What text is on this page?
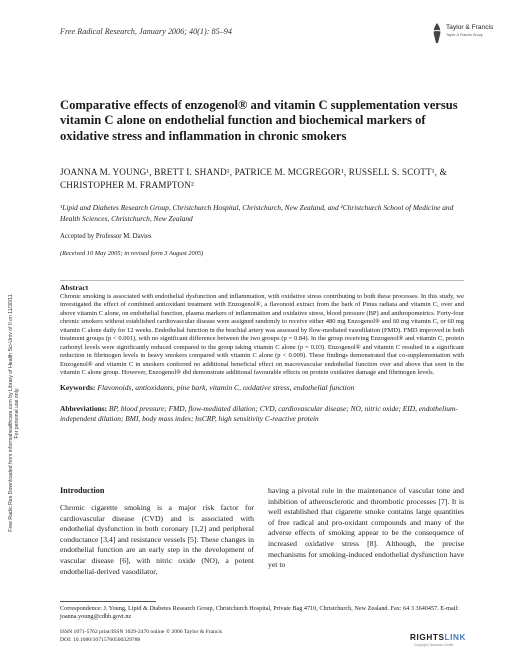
Free Radical Research, January 2006; 40(1): 85–94	Taylor & Francis
Taylor & Francis Group
Free Radic Res Downloaded from informahealthcare.com by Library of Health Sci-Univ of Il on 11/30/11
For personal use only.
Comparative effects of enzogenol® and vitamin C supplementation versus vitamin C alone on endothelial function and biochemical markers of oxidative stress and inflammation in chronic smokers
JOANNA M. YOUNG¹, BRETT I. SHAND¹, PATRICE M. MCGREGOR¹, RUSSELL S. SCOTT¹, & CHRISTOPHER M. FRAMPTON²
¹Lipid and Diabetes Research Group, Christchurch Hospital, Christchurch, New Zealand, and ²Christchurch School of Medicine and Health Sciences, Christchurch, New Zealand
Accepted by Professor M. Davies
(Received 10 May 2005; in revised form 3 August 2005)
Abstract
Chronic smoking is associated with endothelial dysfunction and inflammation, with oxidative stress contributing to both these processes. In this study, we investigated the effect of combined antioxidant treatment with Enzogenol®, a flavonoid extract from the bark of Pinus radiata and vitamin C, over and above vitamin C alone, on endothelial function, plasma markers of inflammation and oxidative stress, blood pressure (BP) and anthropometrics. Forty-four chronic smokers without established cardiovascular disease were assigned randomly to receive either 480 mg Enzogenol® and 60 mg vitamin C, or 60 mg vitamin C alone daily for 12 weeks. Endothelial function in the brachial artery was assessed by flow-mediated vasodilation (FMD). FMD improved in both treatment groups (p < 0.001), with no significant difference between the two groups (p = 0.84). In the group receiving Enzogenol® and vitamin C, protein carbonyl levels were significantly reduced compared to the group taking vitamin C alone (p = 0.03). Enzogenol® and vitamin C resulted in a significant reduction in fibrinogen levels in heavy smokers compared with vitamin C alone (p < 0.009). These findings demonstrated that co-supplementation with Enzogenol® and vitamin C in smokers conferred no additional beneficial effect on macrovascular endothelial function over and above that seen in the vitamin C alone group. However, Enzogenol® did demonstrate additional favourable effects on protein oxidative damage and fibrinogen levels.
Keywords: Flavonoids, antioxidants, pine bark, vitamin C, oxidative stress, endothelial function
Abbreviations: BP, blood pressure; FMD, flow-mediated dilation; CVD, cardiovascular disease; NO, nitric oxide; EID, endothelium-independent dilation; BMI, body mass index; hsCRP, high sensitivity C-reactive protein
Introduction
Chronic cigarette smoking is a major risk factor for cardiovascular disease (CVD) and is associated with endothelial dysfunction in both coronary [1,2] and peripheral conductance [3,4] and resistance vessels [5]. These changes in endothelial function are an early step in the development of vascular disease [6], with nitric oxide (NO), a potent endothelial-derived vasodilator,
having a pivotal role in the maintenance of vascular tone and inhibition of atherosclerotic and thrombotic processes [7]. It is well established that cigarette smoke contains large quantities of free radical and pro-oxidant compounds and many of the adverse effects of smoking appear to be the consequence of increased oxidative stress [8]. Although, the precise mechanisms for smoking-induced endothelial dysfunction have yet to
Correspondence: J. Young, Lipid & Diabetes Research Group, Christchurch Hospital, Private Bag 4710, Christchurch, New Zealand. Fax: 64 3 3640457. E-mail: joanna.young@cdhb.govt.nz
ISSN 1071-5762 print/ISSN 1029-2470 online © 2006 Taylor & Francis
DOI: 10.1080/10715760500329788	RIGHTSLINK
Copyright Clearance Center
